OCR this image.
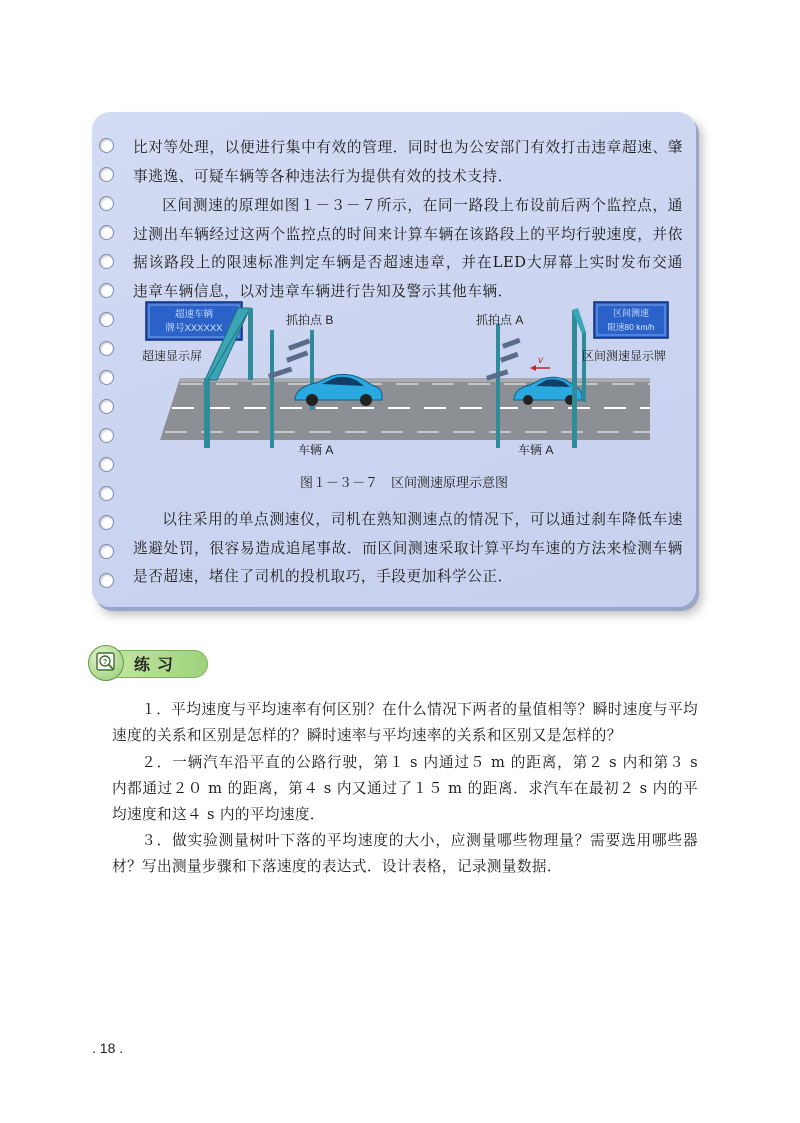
比对等处理，以便进行集中有效的管理．同时也为公安部门有效打击违章超速、肇事逃逸、可疑车辆等各种违法行为提供有效的技术支持．

区间测速的原理如图１－３－７所示，在同一路段上布设前后两个监控点，通过测出车辆经过这两个监控点的时间来计算车辆在该路段上的平均行驶速度，并依据该路段上的限速标准判定车辆是否超速违章，并在LED大屏幕上实时发布交通违章车辆信息，以对违章车辆进行告知及警示其他车辆．

以往采用的单点测速仪，司机在熟知测速点的情况下，可以通过刹车降低车速逃避处罚，很容易造成追尾事故．而区间测速采取计算平均车速的方法来检测车辆是否超速，堵住了司机的投机取巧，手段更加科学公正．

超速车辆
牌号XXXXXX
超速显示屏
抓拍点 B
车辆 A
抓拍点 A
v
车辆 A
区间测速
限速80 km/h
区间测速显示牌
图１－３－７　区间测速原理示意图
? 练习

１．平均速度与平均速率有何区别？在什么情况下两者的量值相等？瞬时速度与平均速度的关系和区别是怎样的？瞬时速率与平均速率的关系和区别又是怎样的？

２．一辆汽车沿平直的公路行驶，第１ s 内通过５ m 的距离，第２ s 内和第３ s 内都通过２０ m 的距离，第４ s 内又通过了１５ m 的距离．求汽车在最初２ s 内的平均速度和这４ s 内的平均速度．

３．做实验测量树叶下落的平均速度的大小，应测量哪些物理量？需要选用哪些器材？写出测量步骤和下落速度的表达式．设计表格，记录测量数据．

. 18 .
